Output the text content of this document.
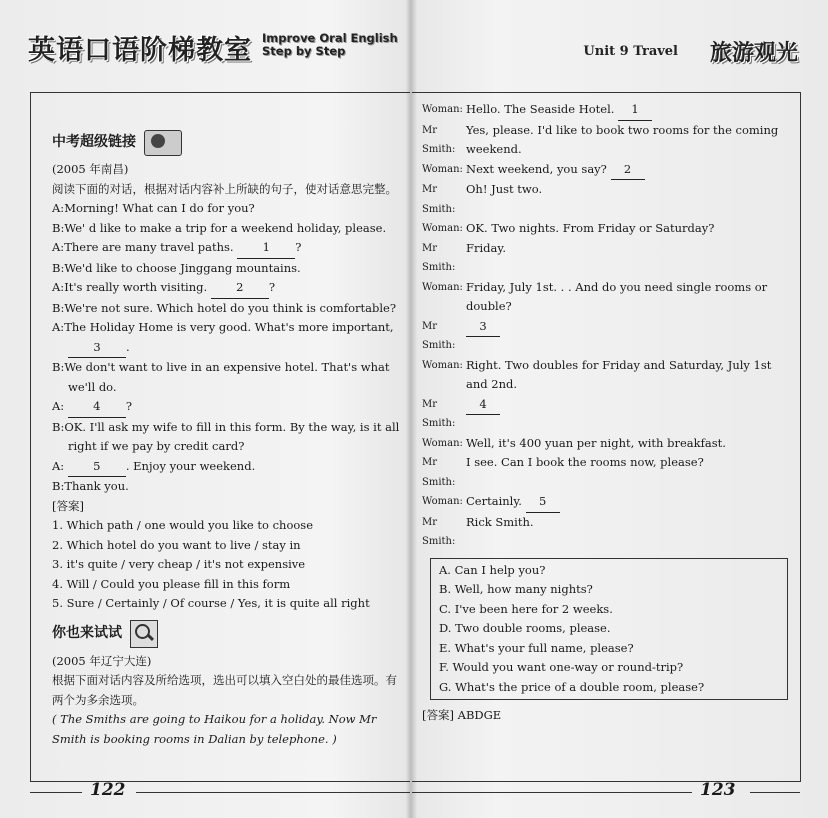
英语口语阶梯教室 Improve Oral English
Step by Step
中考超级链接
(2005 年南昌)
阅读下面的对话，根据对话内容补上所缺的句子，使对话意思完整。
A:Morning! What can I do for you?
B:We' d like to make a trip for a weekend holiday, please.
A:There are many travel paths.	1 ?
B:We'd like to choose Jinggang mountains.
A:It's really worth visiting.	2 ?
B:We're not sure. Which hotel do you think is comfortable?
A:The Holiday Home is very good. What's more important,
3 .
B:We don't want to live in an expensive hotel. That's what
we'll do.
A:	4 ?
B:OK. I'll ask my wife to fill in this form. By the way, is it all
right if we pay by credit card?
A:	5 . Enjoy your weekend.
B:Thank you.
[答案]
1. Which path / one would you like to choose
2. Which hotel do you want to live / stay in
3. it's quite / very cheap / it's not expensive
4. Will / Could you please fill in this form
5. Sure / Certainly / Of course / Yes, it is quite all right
你也来试试
(2005 年辽宁大连)
根据下面对话内容及所给选项，选出可以填入空白处的最佳选项。有两个为多余选项。
( The Smiths are going to Haikou for a holiday. Now Mr Smith is booking rooms in Dalian by telephone. )
122
Unit 9 Travel 旅游观光
Woman: Hello. The Seaside Hotel. 1
Mr Smith:
Yes, please. I'd like to book two rooms for the coming weekend.
Woman: Next weekend, you say? 2
Mr Smith:
Oh! Just two.
Woman: OK. Two nights. From Friday or Saturday?
Mr Smith:
Friday.
Woman: Friday, July 1st. . . And do you need single rooms or double?
Mr Smith:
3
Woman: Right. Two doubles for Friday and Saturday, July 1st and 2nd.
Mr Smith:
4
Woman: Well, it's 400 yuan per night, with breakfast.
Mr Smith:
I see. Can I book the rooms now, please?
Woman: Certainly. 5
Mr Smith:
Rick Smith.
A. Can I help you?
B. Well, how many nights?
C. I've been here for 2 weeks.
D. Two double rooms, please.
E. What's your full name, please?
F. Would you want one-way or round-trip?
G. What's the price of a double room, please?
[答案] ABDGE
123
